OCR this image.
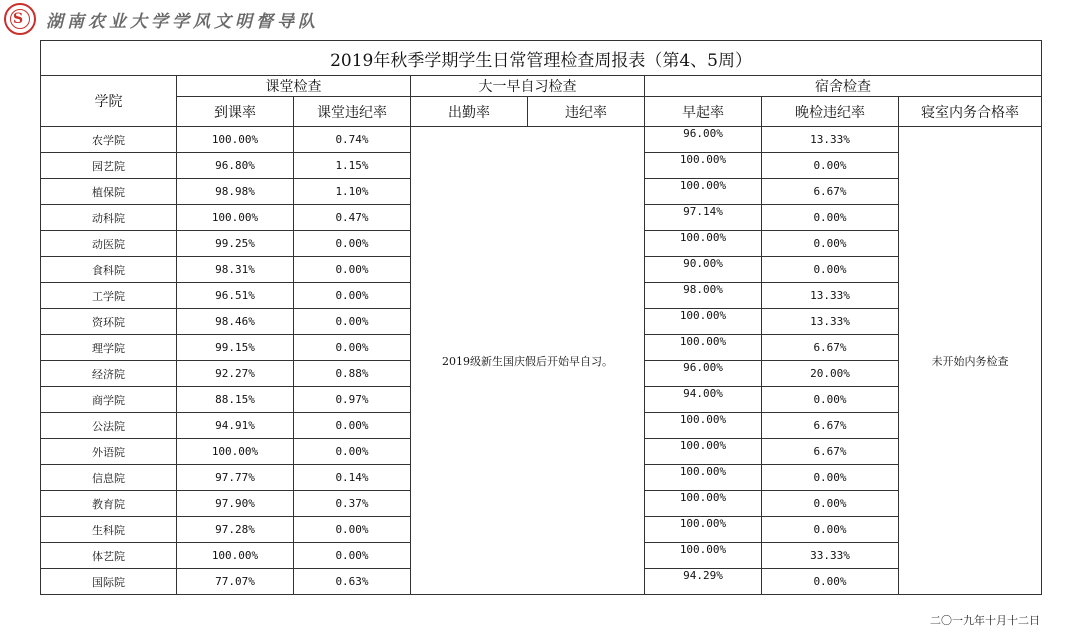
S 湖南农业大学学风文明督导队
2019年秋季学期学生日常管理检查周报表（第4、5周）							
学院	课堂检查		大一早自习检查		宿舍检查		
	到课率	课堂违纪率	出勤率	违纪率	早起率	晚检违纪率	寝室内务合格率
农学院	100.00%	0.74%	2019级新生国庆假后开始早自习。		96.00%	13.33%	未开始内务检查
园艺院	96.80%	1.15%			100.00%	0.00%	
植保院	98.98%	1.10%			100.00%	6.67%	
动科院	100.00%	0.47%			97.14%	0.00%	
动医院	99.25%	0.00%			100.00%	0.00%	
食科院	98.31%	0.00%			90.00%	0.00%	
工学院	96.51%	0.00%			98.00%	13.33%	
资环院	98.46%	0.00%			100.00%	13.33%	
理学院	99.15%	0.00%			100.00%	6.67%	
经济院	92.27%	0.88%			96.00%	20.00%	
商学院	88.15%	0.97%			94.00%	0.00%	
公法院	94.91%	0.00%			100.00%	6.67%	
外语院	100.00%	0.00%			100.00%	6.67%	
信息院	97.77%	0.14%			100.00%	0.00%	
教育院	97.90%	0.37%			100.00%	0.00%	
生科院	97.28%	0.00%			100.00%	0.00%	
体艺院	100.00%	0.00%			100.00%	33.33%	
国际院	77.07%	0.63%			94.29%	0.00%	
二〇一九年十月十二日
